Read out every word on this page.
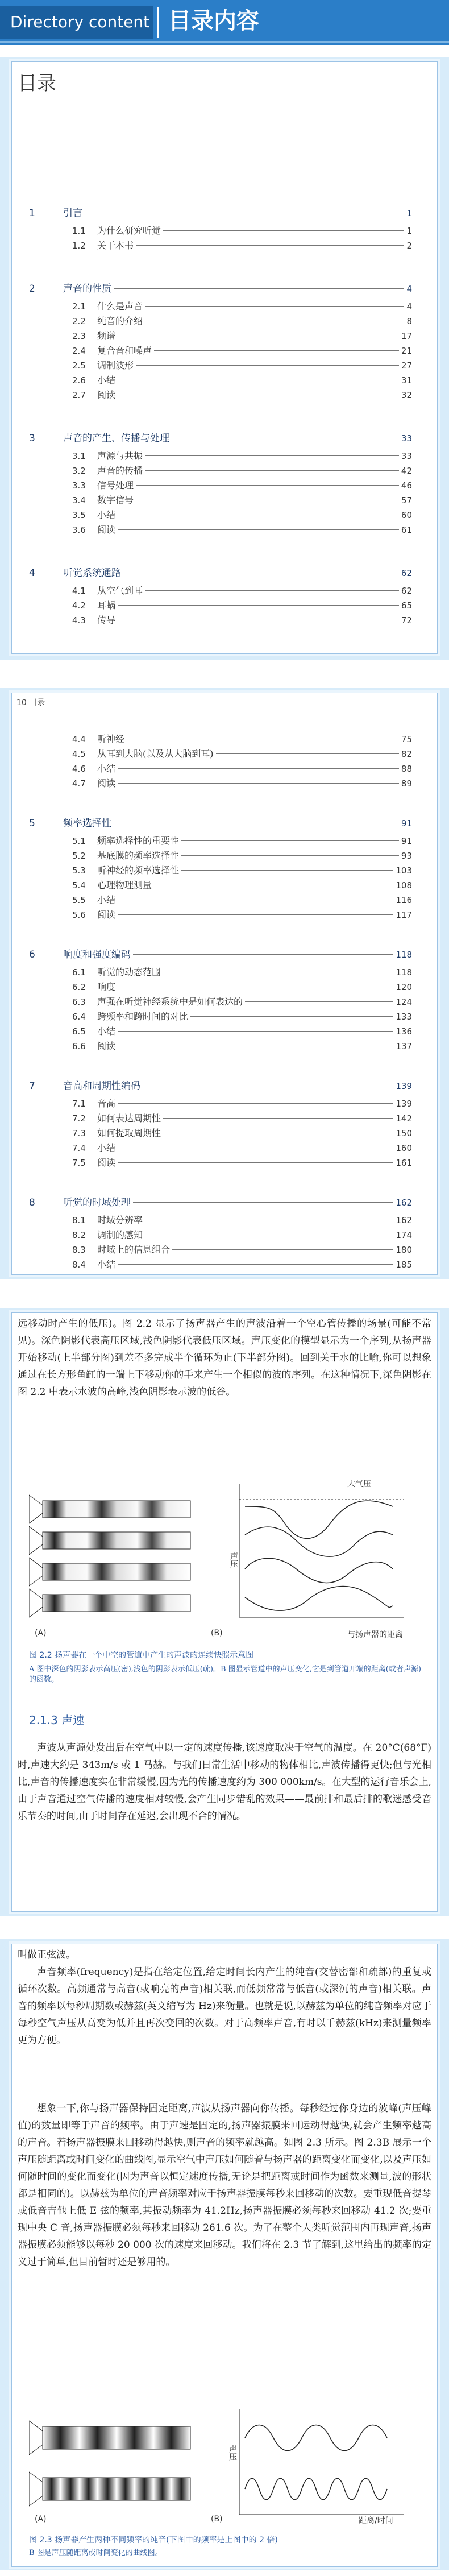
Directory content 目录内容
目录
1	引言	1
1.1 为什么研究听觉	1
1.2 关于本书	2
2	声音的性质	4
2.1 什么是声音	4
2.2 纯音的介绍	8
2.3 频谱	17
2.4 复合音和噪声	21
2.5 调制波形	27
2.6 小结	31
2.7 阅读	32
3	声音的产生、传播与处理	33
3.1 声源与共振	33
3.2 声音的传播	42
3.3 信号处理	46
3.4 数字信号	57
3.5 小结	60
3.6 阅读	61
4	听觉系统通路	62
4.1 从空气到耳	62
4.2 耳蜗	65
4.3 传导	72
10 目录
4.4 听神经	75
4.5 从耳到大脑(以及从大脑到耳)	82
4.6 小结	88
4.7 阅读	89
5	频率选择性	91
5.1 频率选择性的重要性	91
5.2 基底膜的频率选择性	93
5.3 听神经的频率选择性	103
5.4 心理物理测量	108
5.5 小结	116
5.6 阅读	117
6	响度和强度编码	118
6.1 听觉的动态范围	118
6.2 响度	120
6.3 声强在听觉神经系统中是如何表达的	124
6.4 跨频率和跨时间的对比	133
6.5 小结	136
6.6 阅读	137
7	音高和周期性编码	139
7.1 音高	139
7.2 如何表达周期性	142
7.3 如何提取周期性	150
7.4 小结	160
7.5 阅读	161
8	听觉的时域处理	162
8.1 时域分辨率	162
8.2 调制的感知	174
8.3 时域上的信息组合	180
8.4 小结	185

远移动时产生的低压)。图 2.2 显示了扬声器产生的声波沿着一个空心管传播的场景(可能不常见)。深色阴影代表高压区域,浅色阴影代表低压区域。声压变化的模型显示为一个序列,从扬声器开始移动(上半部分图)到差不多完成半个循环为止(下半部分图)。回到关于水的比喻,你可以想象通过在长方形鱼缸的一端上下移动你的手来产生一个相似的波的序列。在这种情况下,深色阴影在图 2.2 中表示水波的高峰,浅色阴影表示波的低谷。

(A)	(B)
大气压
声压
与扬声器的距离
图 2.2 扬声器在一个中空的管道中产生的声波的连续快照示意图
A 图中深色的阴影表示高压(密),浅色的阴影表示低压(疏)。B 图显示管道中的声压变化,它是到管道开端的距离(或者声源)的函数。
2.1.3 声速

声波从声源处发出后在空气中以一定的速度传播,该速度取决于空气的温度。在 20°C(68°F)时,声速大约是 343m/s 或 1 马赫。与我们日常生活中移动的物体相比,声波传播得更快;但与光相比,声音的传播速度实在非常缓慢,因为光的传播速度约为 300 000km/s。在大型的运行音乐会上,由于声音通过空气传播的速度相对较慢,会产生同步错乱的效果——最前排和最后排的歌迷感受音乐节奏的时间,由于时间存在延迟,会出现不合的情况。

叫做正弦波。

声音频率(frequency)是指在给定位置,给定时间长内产生的纯音(交替密部和疏部)的重复或循环次数。高频通常与高音(或响亮的声音)相关联,而低频常常与低音(或深沉的声音)相关联。声音的频率以每秒周期数或赫兹(英文缩写为 Hz)来衡量。也就是说,以赫兹为单位的纯音频率对应于每秒空气声压从高变为低并且再次变回的次数。对于高频率声音,有时以千赫兹(kHz)来测量频率更为方便。

想象一下,你与扬声器保持固定距离,声波从扬声器向你传播。每秒经过你身边的波峰(声压峰值)的数量即等于声音的频率。由于声速是固定的,扬声器振膜来回运动得越快,就会产生频率越高的声音。若扬声器振膜来回移动得越快,则声音的频率就越高。如图 2.3 所示。图 2.3B 展示一个声压随距离或时间变化的曲线图,显示空气中声压如何随着与扬声器的距离变化而变化,以及声压如何随时间的变化而变化(因为声音以恒定速度传播,无论是把距离或时间作为函数来测量,波的形状都是相同的)。以赫兹为单位的声音频率对应于扬声器振膜每秒来回移动的次数。要重现低音提琴或低音吉他上低 E 弦的频率,其振动频率为 41.2Hz,扬声器振膜必须每秒来回移动 41.2 次;要重现中央 C 音,扬声器振膜必须每秒来回移动 261.6 次。为了在整个人类听觉范围内再现声音,扬声器振膜必须能够以每秒 20 000 次的速度来回移动。我们将在 2.3 节了解到,这里给出的频率的定义过于简单,但目前暂时还是够用的。

(A)	(B)
声压
距离/时间
图 2.3 扬声器产生两种不同频率的纯音(下图中的频率是上图中的 2 倍)
B 图是声压随距离或时间变化的曲线图。
